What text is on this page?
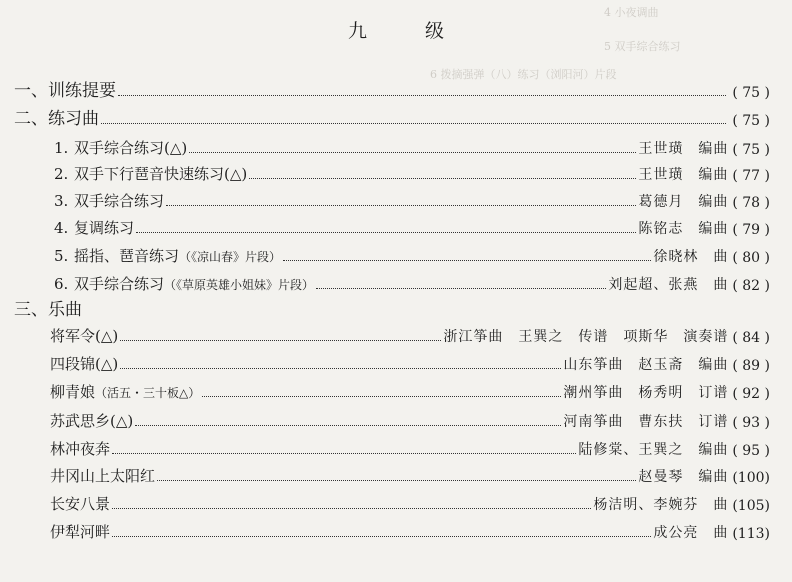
4 小夜调曲
5 双手综合练习
6 拨摘强弹（八）练习（浏阳河）片段
九 级
一、训练提要	( 75 )
二、练习曲	( 75 )
1. 双手综合练习(△)	王世璜　编曲 ( 75 )
2. 双手下行琶音快速练习(△)	王世璜　编曲 ( 77 )
3. 双手综合练习	葛德月　编曲 ( 78 )
4. 复调练习	陈铭志　编曲 ( 79 )
5. 摇指、琶音练习（《凉山春》片段）	徐晓林　曲 ( 80 )
6. 双手综合练习（《草原英雄小姐妹》片段）	刘起超、张燕　曲 ( 82 )
三、乐曲
将军令(△)	浙江筝曲　王巽之　传谱　项斯华　演奏谱 ( 84 )
四段锦(△)	山东筝曲　赵玉斋　编曲 ( 89 )
柳青娘（活五・三十板△）	潮州筝曲　杨秀明　订谱 ( 92 )
苏武思乡(△)	河南筝曲　曹东扶　订谱 ( 93 )
林冲夜奔	陆修棠、王巽之　编曲 ( 95 )
井冈山上太阳红	赵曼琴　编曲 (100)
长安八景	杨洁明、李婉芬　曲 (105)
伊犁河畔	成公亮　曲 (113)
